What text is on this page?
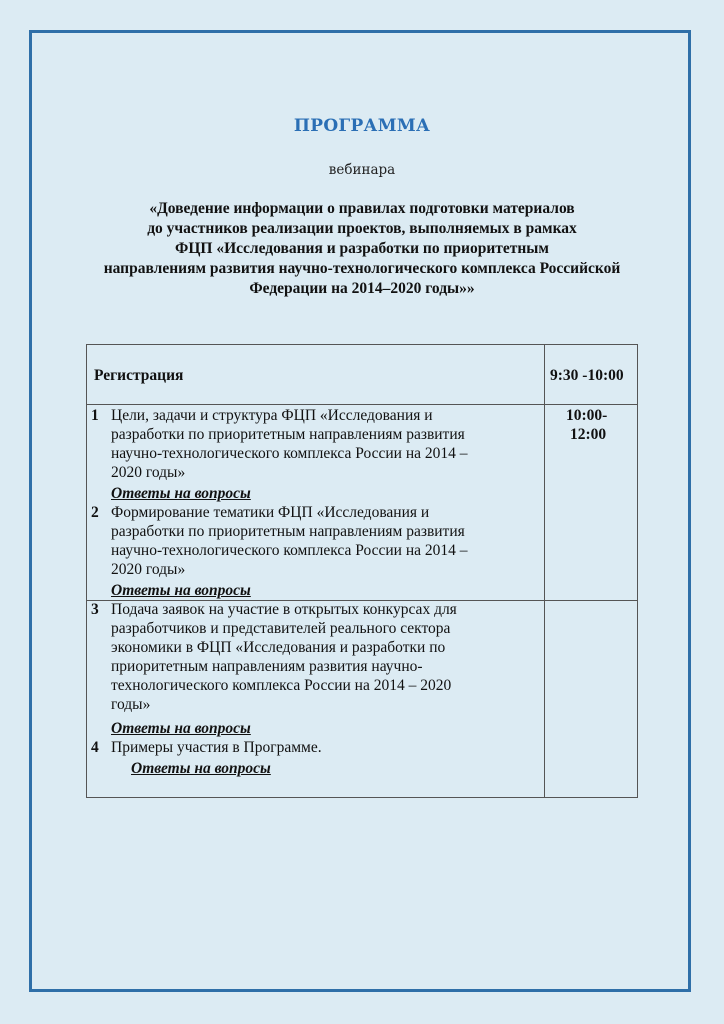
ПРОГРАММА
вебинара
«Доведение информации о правилах подготовки материалов
до участников реализации проектов, выполняемых в рамках
ФЦП «Исследования и разработки по приоритетным
направлениям развития научно-технологического комплекса Российской
Федерации на 2014–2020 годы»»
Регистрация	9:30 -10:00
10:00-
12:00
1 Цели, задачи и структура ФЦП «Исследования и
разработки по приоритетным направлениям развития
научно-технологического комплекса России на 2014 –
2020 годы»
Ответы на вопросы
2 Формирование тематики ФЦП «Исследования и
разработки по приоритетным направлениям развития
научно-технологического комплекса России на 2014 –
2020 годы»
Ответы на вопросы
3 Подача заявок на участие в открытых конкурсах для
разработчиков и представителей реального сектора
экономики в ФЦП «Исследования и разработки по
приоритетным направлениям развития научно-
технологического комплекса России на 2014 – 2020
годы»
Ответы на вопросы
4 Примеры участия в Программе.
Ответы на вопросы
